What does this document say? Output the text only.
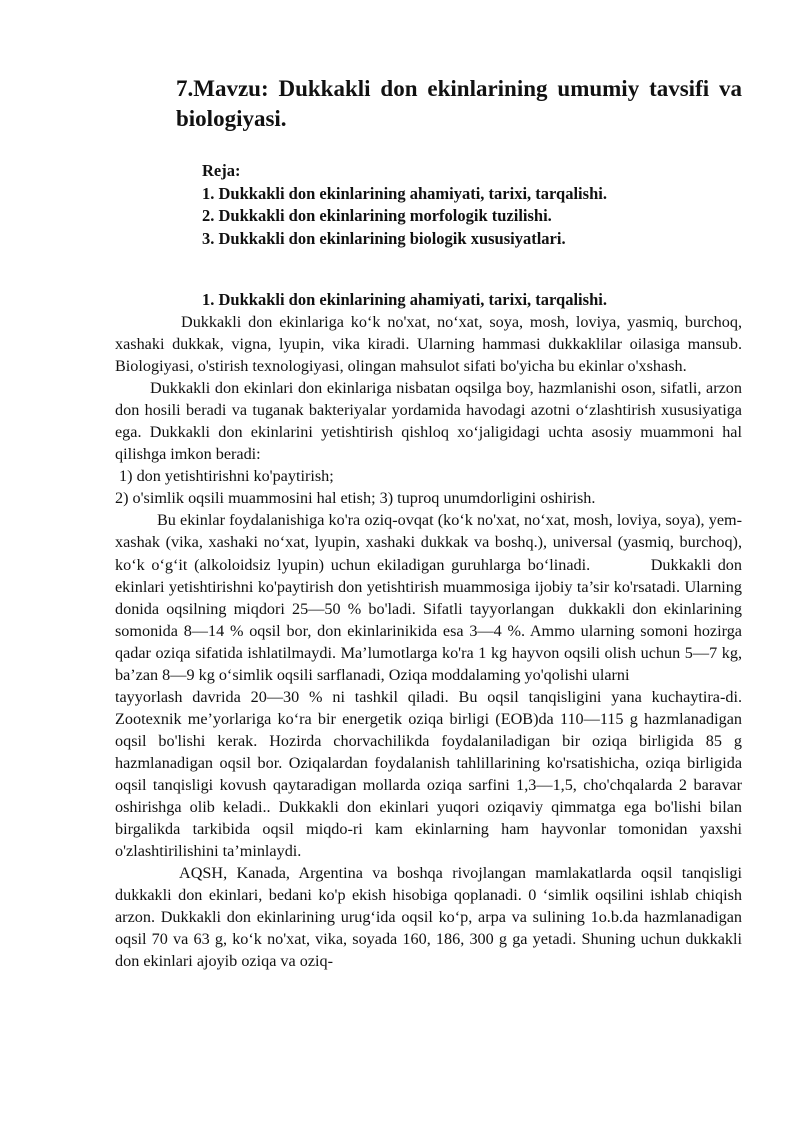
7.Mavzu: Dukkakli don ekinlarining umumiy tavsifi va biologiyasi.
Reja:
1. Dukkakli don ekinlarining ahamiyati, tarixi, tarqalishi.
2. Dukkakli don ekinlarining morfologik tuzilishi.
3. Dukkakli don ekinlarining biologik xususiyatlari.
1. Dukkakli don ekinlarining ahamiyati, tarixi, tarqalishi.

Dukkakli don ekinlariga ko‘k no'xat, no‘xat, soya, mosh, loviya, yasmiq, burchoq, xashaki dukkak, vigna, lyupin, vika kiradi. Ularning hammasi dukkaklilar oilasiga mansub. Biologiyasi, o'stirish texnologiyasi, olingan mahsulot sifati bo'yicha bu ekinlar o'xshash.

Dukkakli don ekinlari don ekinlariga nisbatan oqsilga boy, hazmlanishi oson, sifatli, arzon don hosili beradi va tuganak bakteriyalar yordamida havodagi azotni o‘zlashtirish xususiyatiga ega. Dukkakli don ekinlarini yetishtirish qishloq xo‘jaligidagi uchta asosiy muammoni hal qilishga imkon beradi:

1) don yetishtirishni ko'paytirish;

2) o'simlik oqsili muammosini hal etish; 3) tuproq unumdorligini oshirish.

Bu ekinlar foydalanishiga ko'ra oziq-ovqat (ko‘k no'xat, no‘xat, mosh, loviya, soya), yem-xashak (vika, xashaki no‘xat, lyupin, xashaki dukkak va boshq.), universal (yasmiq, burchoq), ko‘k o‘g‘it (alkoloidsiz lyupin) uchun ekiladigan guruhlarga bo‘linadi.         Dukkakli don ekinlari yetishtirishni ko'paytirish don yetishtirish muammosiga ijobiy ta’sir ko'rsatadi. Ularning donida oqsilning miqdori 25—50 % bo'ladi. Sifatli tayyorlangan  dukkakli don ekinlarining somonida 8—14 % oqsil bor, don ekinlarinikida esa 3—4 %. Ammo ularning somoni hozirga qadar oziqa sifatida ishlatilmaydi. Ma’lumotlarga ko'ra 1 kg hayvon oqsili olish uchun 5—7 kg, ba’zan 8—9 kg o‘simlik oqsili sarflanadi, Oziqa moddalaming yo'qolishi ularni

tayyorlash davrida 20—30 % ni tashkil qiladi. Bu oqsil tanqisligini yana kuchaytira-di. Zootexnik me’yorlariga ko‘ra bir energetik oziqa birligi (EOB)da 110—115 g hazmlanadigan oqsil bo'lishi kerak. Hozirda chorvachilikda foydalaniladigan bir oziqa birligida 85 g hazmlanadigan oqsil bor. Oziqalardan foydalanish tahlillarining ko'rsatishicha, oziqa birligida oqsil tanqisligi kovush qaytaradigan mollarda oziqa sarfini 1,3—1,5, cho'chqalarda 2 baravar oshirishga olib keladi.. Dukkakli don ekinlari yuqori oziqaviy qimmatga ega bo'lishi bilan birgalikda tarkibida oqsil miqdo-ri kam ekinlarning ham hayvonlar tomonidan yaxshi o'zlashtirilishini ta’minlaydi.

AQSH, Kanada, Argentina va boshqa rivojlangan mamlakatlarda oqsil tanqisligi dukkakli don ekinlari, bedani ko'p ekish hisobiga qoplanadi. 0 ‘simlik oqsilini ishlab chiqish arzon. Dukkakli don ekinlarining urug‘ida oqsil ko‘p, arpa va sulining 1o.b.da hazmlanadigan oqsil 70 va 63 g, ko‘k no'xat, vika, soyada 160, 186, 300 g ga yetadi. Shuning uchun dukkakli don ekinlari ajoyib oziqa va oziq-
